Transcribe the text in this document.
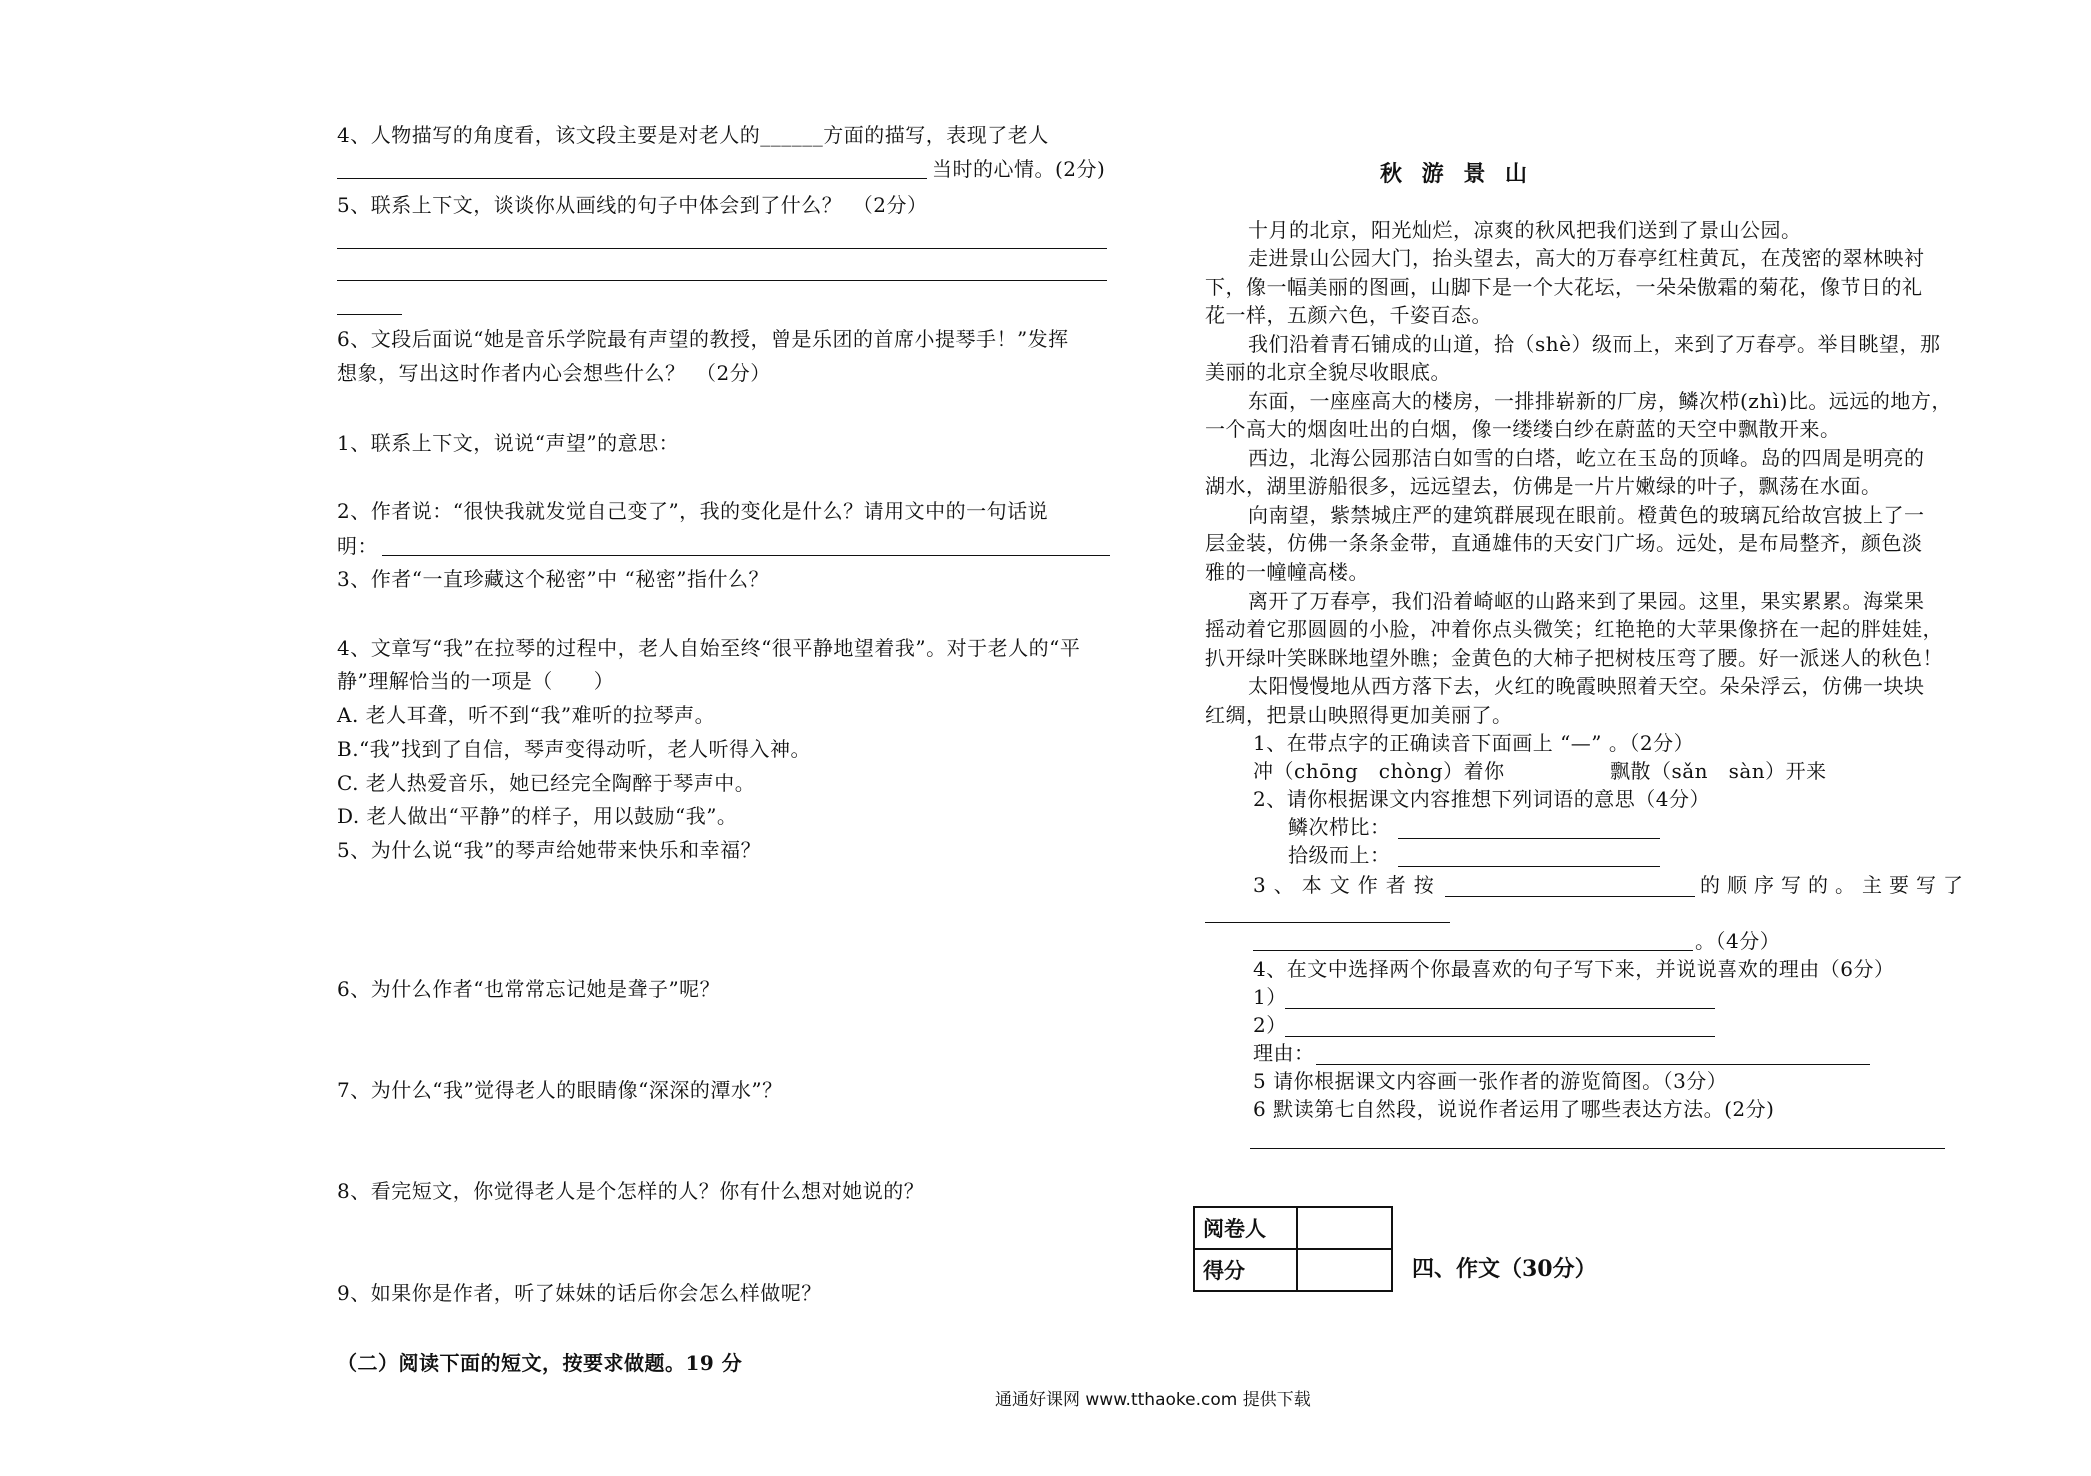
4、人物描写的角度看，该文段主要是对老人的______方面的描写，表现了老人
当时的心情。(2分)
5、联系上下文，谈谈你从画线的句子中体会到了什么？　（2分）
6、文段后面说“她是音乐学院最有声望的教授，曾是乐团的首席小提琴手！”发挥
想象，写出这时作者内心会想些什么？　（2分）
1、联系上下文，说说“声望”的意思：
2、作者说：“很快我就发觉自己变了”，我的变化是什么？请用文中的一句话说
明：
3、作者“一直珍藏这个秘密”中 “秘密”指什么？
4、文章写“我”在拉琴的过程中，老人自始至终“很平静地望着我”。对于老人的“平
静”理解恰当的一项是（　　）
A. 老人耳聋，听不到“我”难听的拉琴声。
B.“我”找到了自信，琴声变得动听，老人听得入神。
C. 老人热爱音乐，她已经完全陶醉于琴声中。
D. 老人做出“平静”的样子，用以鼓励“我”。
5、为什么说“我”的琴声给她带来快乐和幸福？
6、为什么作者“也常常忘记她是聋子”呢？
7、为什么“我”觉得老人的眼睛像“深深的潭水”？
8、看完短文，你觉得老人是个怎样的人？你有什么想对她说的？
9、如果你是作者，听了妹妹的话后你会怎么样做呢？
（二）阅读下面的短文，按要求做题。19 分
秋 游 景 山
十月的北京，阳光灿烂，凉爽的秋风把我们送到了景山公园。
走进景山公园大门，抬头望去，高大的万春亭红柱黄瓦，在茂密的翠林映衬
下，像一幅美丽的图画，山脚下是一个大花坛，一朵朵傲霜的菊花，像节日的礼
花一样，五颜六色，千姿百态。
我们沿着青石铺成的山道，拾（shè）级而上，来到了万春亭。举目眺望，那
美丽的北京全貌尽收眼底。
东面，一座座高大的楼房，一排排崭新的厂房，鳞次栉(zhì)比。远远的地方，
一个高大的烟囱吐出的白烟，像一缕缕白纱在蔚蓝的天空中飘散开来。
西边，北海公园那洁白如雪的白塔，屹立在玉岛的顶峰。岛的四周是明亮的
湖水，湖里游船很多，远远望去，仿佛是一片片嫩绿的叶子，飘荡在水面。
向南望，紫禁城庄严的建筑群展现在眼前。橙黄色的玻璃瓦给故宫披上了一
层金装，仿佛一条条金带，直通雄伟的天安门广场。远处，是布局整齐，颜色淡
雅的一幢幢高楼。
离开了万春亭，我们沿着崎岖的山路来到了果园。这里，果实累累。海棠果
摇动着它那圆圆的小脸，冲着你点头微笑；红艳艳的大苹果像挤在一起的胖娃娃，
扒开绿叶笑眯眯地望外瞧；金黄色的大柿子把树枝压弯了腰。好一派迷人的秋色！
太阳慢慢地从西方落下去，火红的晚霞映照着天空。朵朵浮云，仿佛一块块
红绸，把景山映照得更加美丽了。
1、在带点字的正确读音下面画上 “—” 。（2分）
冲（chōng　chòng）着你	飘散（sǎn　sàn）开来
2、请你根据课文内容推想下列词语的意思（4分）
鳞次栉比：
拾级而上：
3、本文作者按	的顺序写的。主要写了
。（4分）
4、在文中选择两个你最喜欢的句子写下来，并说说喜欢的理由（6分）
1）
2）
理由：
5 请你根据课文内容画一张作者的游览简图。（3分）
6 默读第七自然段，说说作者运用了哪些表达方法。(2分)
阅卷人	
得分		四、作文（30分）
通通好课网 www.tthaoke.com 提供下载
